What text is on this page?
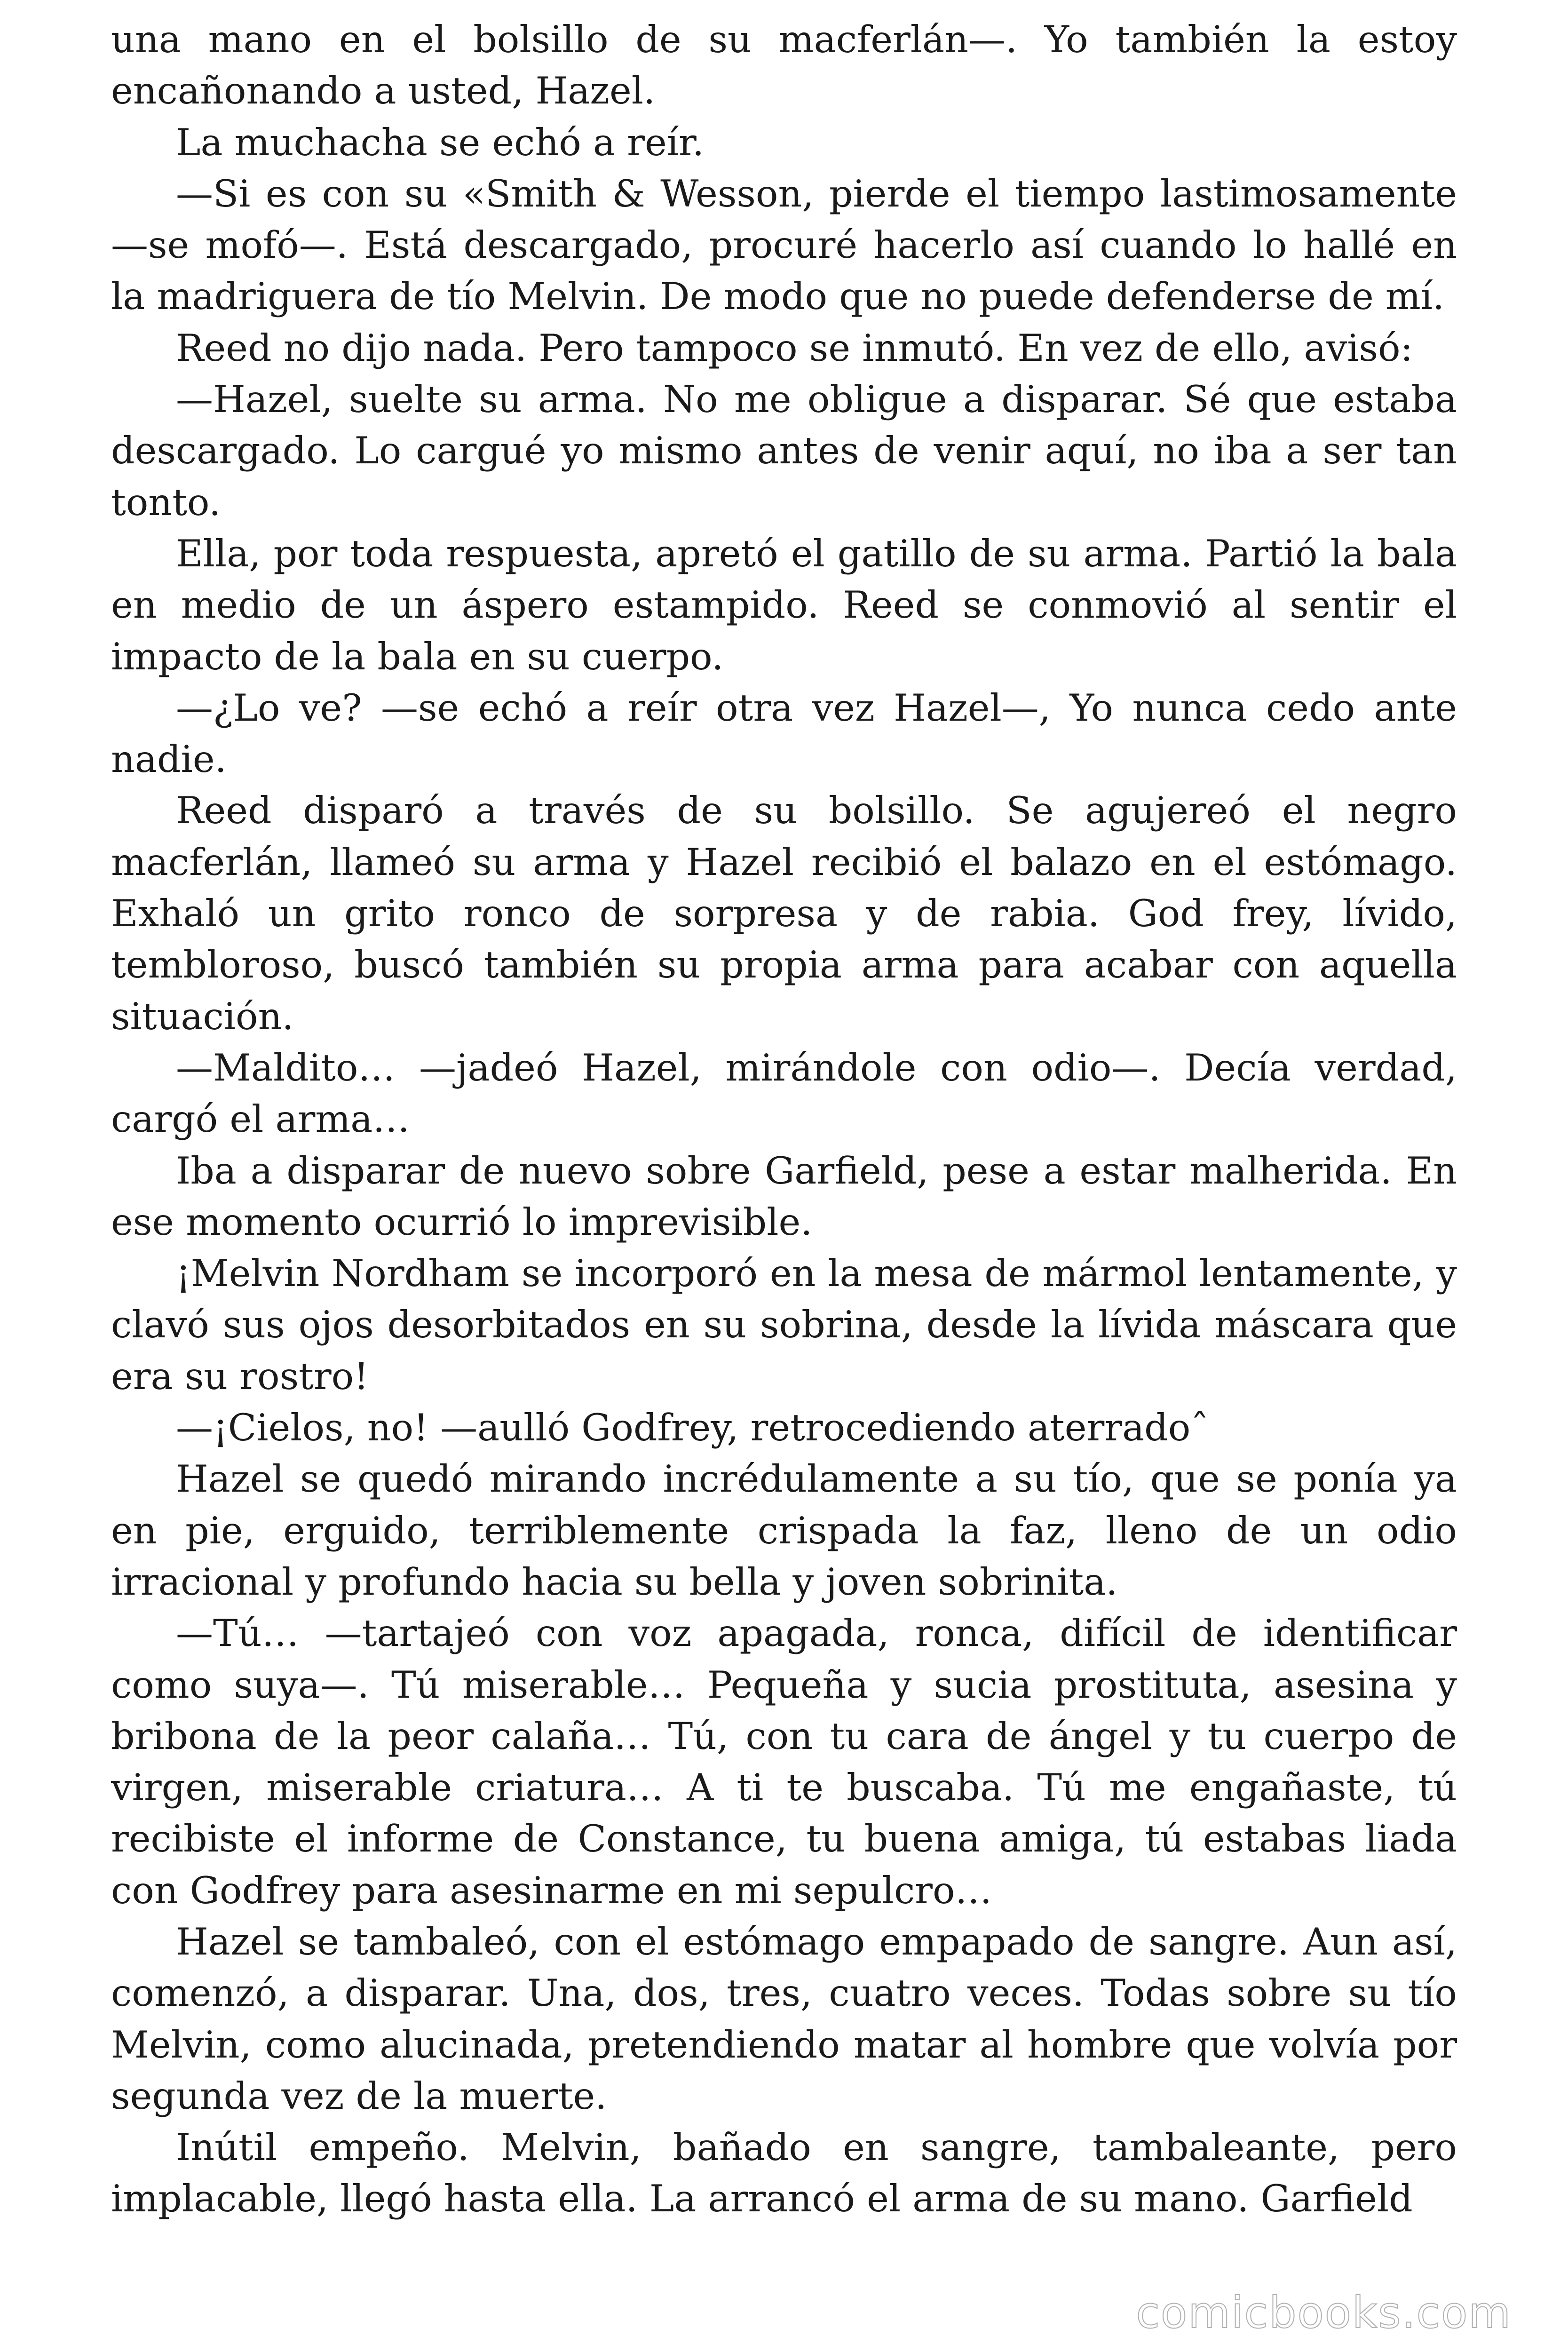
una mano en el bolsillo de su macferlán—. Yo también la estoy encañonando a usted, Hazel.

La muchacha se echó a reír.

—Si es con su «Smith & Wesson, pierde el tiempo lastimosamente —se mofó—. Está descargado, procuré hacerlo así cuando lo hallé en la madriguera de tío Melvin. De modo que no puede defenderse de mí.

Reed no dijo nada. Pero tampoco se inmutó. En vez de ello, avisó:

—Hazel, suelte su arma. No me obligue a disparar. Sé que estaba descargado. Lo cargué yo mismo antes de venir aquí, no iba a ser tan tonto.

Ella, por toda respuesta, apretó el gatillo de su arma. Partió la bala en medio de un áspero estampido. Reed se conmovió al sentir el impacto de la bala en su cuerpo.

—¿Lo ve? —se echó a reír otra vez Hazel—, Yo nunca cedo ante nadie.

Reed disparó a través de su bolsillo. Se agujereó el negro macferlán, llameó su arma y Hazel recibió el balazo en el estómago. Exhaló un grito ronco de sorpresa y de rabia. God frey, lívido, tembloroso, buscó también su propia arma para acabar con aquella situación.

—Maldito… —jadeó Hazel, mirándole con odio—. Decía verdad, cargó el arma…

Iba a disparar de nuevo sobre Garfield, pese a estar malherida. En ese momento ocurrió lo imprevisible.

¡Melvin Nordham se incorporó en la mesa de mármol lentamente, y clavó sus ojos desorbitados en su sobrina, desde la lívida máscara que era su rostro!

—¡Cielos, no! —aulló Godfrey, retrocediendo aterradoˆ

Hazel se quedó mirando incrédulamente a su tío, que se ponía ya en pie, erguido, terriblemente crispada la faz, lleno de un odio irracional y profundo hacia su bella y joven sobrinita.

—Tú… —tartajeó con voz apagada, ronca, difícil de identificar como suya—. Tú miserable… Pequeña y sucia prostituta, asesina y bribona de la peor calaña… Tú, con tu cara de ángel y tu cuerpo de virgen, miserable criatura… A ti te buscaba. Tú me engañaste, tú recibiste el informe de Constance, tu buena amiga, tú estabas liada con Godfrey para asesinarme en mi sepulcro…

Hazel se tambaleó, con el estómago empapado de sangre. Aun así, comenzó, a disparar. Una, dos, tres, cuatro veces. Todas sobre su tío Melvin, como alucinada, pretendiendo matar al hombre que volvía por segunda vez de la muerte.

Inútil empeño. Melvin, bañado en sangre, tambaleante, pero implacable, llegó hasta ella. La arrancó el arma de su mano. Garfield

comicbooks.com
